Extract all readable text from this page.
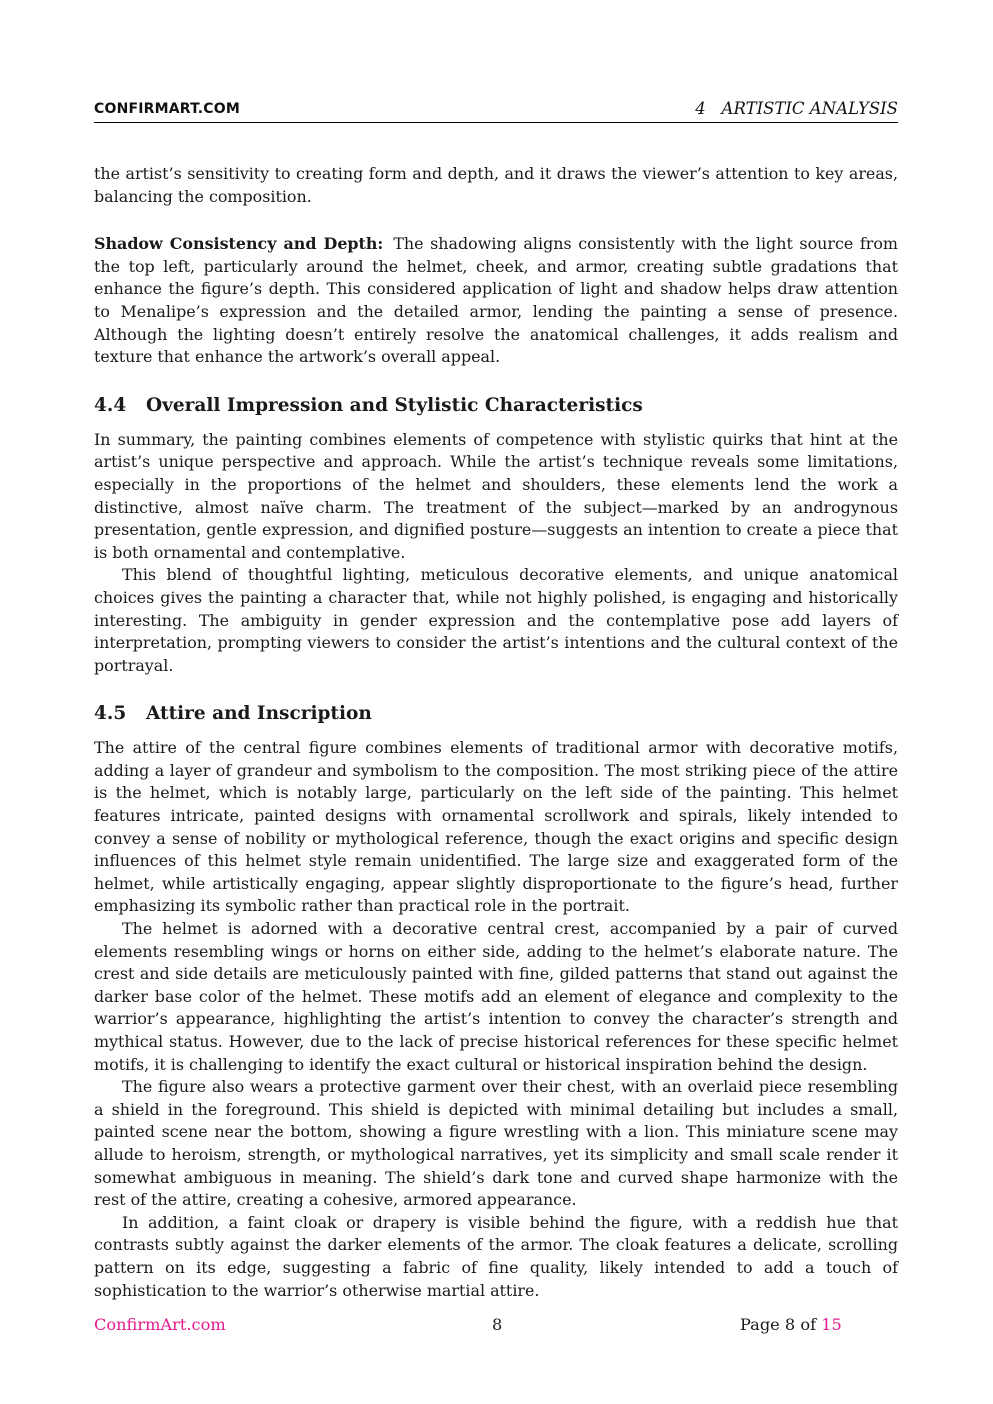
CONFIRMART.COM	4   ARTISTIC ANALYSIS

the artist’s sensitivity to creating form and depth, and it draws the viewer’s attention to key areas, balancing the composition.

Shadow Consistency and Depth: The shadowing aligns consistently with the light source from the top left, particularly around the helmet, cheek, and armor, creating subtle gradations that enhance the figure’s depth. This considered application of light and shadow helps draw attention to Menalipe’s expression and the detailed armor, lending the painting a sense of presence. Although the lighting doesn’t entirely resolve the anatomical challenges, it adds realism and texture that enhance the artwork’s overall appeal.

4.4 Overall Impression and Stylistic Characteristics

In summary, the painting combines elements of competence with stylistic quirks that hint at the artist’s unique perspective and approach. While the artist’s technique reveals some limitations, especially in the proportions of the helmet and shoulders, these elements lend the work a distinctive, almost naïve charm. The treatment of the subject—marked by an androgynous presentation, gentle expression, and dignified posture—suggests an intention to create a piece that is both ornamental and contemplative.

This blend of thoughtful lighting, meticulous decorative elements, and unique anatomical choices gives the painting a character that, while not highly polished, is engaging and historically interesting. The ambiguity in gender expression and the contemplative pose add layers of interpretation, prompting viewers to consider the artist’s intentions and the cultural context of the portrayal.

4.5 Attire and Inscription

The attire of the central figure combines elements of traditional armor with decorative motifs, adding a layer of grandeur and symbolism to the composition. The most striking piece of the attire is the helmet, which is notably large, particularly on the left side of the painting. This helmet features intricate, painted designs with ornamental scrollwork and spirals, likely intended to convey a sense of nobility or mythological reference, though the exact origins and specific design influences of this helmet style remain unidentified. The large size and exaggerated form of the helmet, while artistically engaging, appear slightly disproportionate to the figure’s head, further emphasizing its symbolic rather than practical role in the portrait.

The helmet is adorned with a decorative central crest, accompanied by a pair of curved elements resembling wings or horns on either side, adding to the helmet’s elaborate nature. The crest and side details are meticulously painted with fine, gilded patterns that stand out against the darker base color of the helmet. These motifs add an element of elegance and complexity to the warrior’s appearance, highlighting the artist’s intention to convey the character’s strength and mythical status. However, due to the lack of precise historical references for these specific helmet motifs, it is challenging to identify the exact cultural or historical inspiration behind the design.

The figure also wears a protective garment over their chest, with an overlaid piece resembling a shield in the foreground. This shield is depicted with minimal detailing but includes a small, painted scene near the bottom, showing a figure wrestling with a lion. This miniature scene may allude to heroism, strength, or mythological narratives, yet its simplicity and small scale render it somewhat ambiguous in meaning. The shield’s dark tone and curved shape harmonize with the rest of the attire, creating a cohesive, armored appearance.

In addition, a faint cloak or drapery is visible behind the figure, with a reddish hue that contrasts subtly against the darker elements of the armor. The cloak features a delicate, scrolling pattern on its edge, suggesting a fabric of fine quality, likely intended to add a touch of sophistication to the warrior’s otherwise martial attire.

ConfirmArt.com	8	Page 8 of 15
